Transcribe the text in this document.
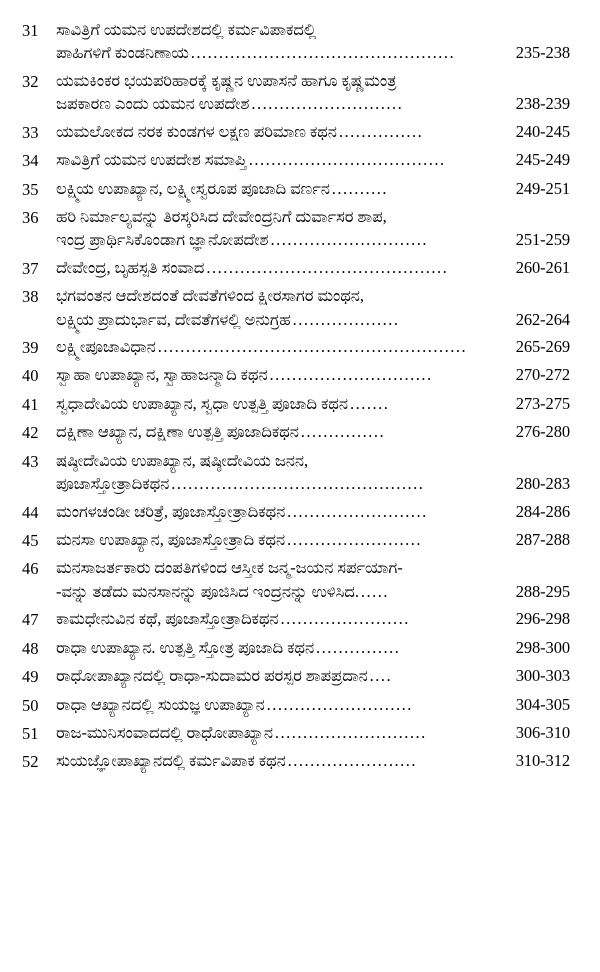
31	ಸಾವಿತ್ರಿಗೆ ಯಮನ ಉಪದೇಶದಲ್ಲಿ ಕರ್ಮವಿಪಾಕದಲ್ಲಿ
ಪಾಹಿಗಳಿಗೆ ಕುಂಡನಿಣಾಯ ...............................................	235-238
32	ಯಮಕಿಂಕರ ಭಯಪರಿಹಾರಕ್ಕೆ ಕೃಷ್ಣನ ಉಪಾಸನೆ ಹಾಗೂ ಕೃಷ್ಣಮಂತ್ರ
ಜಪಕಾರಣ ಎಂದು ಯಮನ ಉಪದೇಶ ...........................	238-239
33	ಯಮಲೋಕದ ನರಕ ಕುಂಡಗಳ ಲಕ್ಷಣ ಪರಿಮಾಣ ಕಥನ ...............	240-245
34	ಸಾವಿತ್ರಿಗೆ ಯಮನ ಉಪದೇಶ ಸಮಾಪ್ತಿ ...................................	245-249
35	ಲಕ್ಷ್ಮಿಯ ಉಪಾಖ್ಯಾನ, ಲಕ್ಷ್ಮೀಸ್ವರೂಪ ಪೂಜಾದಿ ವರ್ಣನ ..........	249-251
36	ಹರಿ ನಿರ್ಮಾಲ್ಯವನ್ನು ತಿರಸ್ಕರಿಸಿದ ದೇವೇಂದ್ರನಿಗೆ ದುರ್ವಾಸರ ಶಾಪ,
ಇಂದ್ರ ಪ್ರಾರ್ಥಿಸಿಕೊಂಡಾಗ ಜ್ಞಾನೋಪದೇಶ ............................	251-259
37	ದೇವೇಂದ್ರ, ಬೃಹಸ್ಪತಿ ಸಂವಾದ ...........................................	260-261
38	ಭಗವಂತನ ಆದೇಶದಂತೆ ದೇವತೆಗಳಿಂದ ಕ್ಷೀರಸಾಗರ ಮಂಥನ,
ಲಕ್ಷ್ಮಿಯ ಪ್ರಾದುರ್ಭಾವ, ದೇವತೆಗಳಲ್ಲಿ ಅನುಗ್ರಹ ...................	262-264
39	ಲಕ್ಷ್ಮೀಪೂಜಾವಿಧಾನ .......................................................	265-269
40	ಸ್ವಾಹಾ ಉಪಾಖ್ಯಾನ, ಸ್ವಾಹಾಜನ್ಮಾದಿ ಕಥನ .............................	270-272
41	ಸ್ವಧಾದೇವಿಯ ಉಪಾಖ್ಯಾನ, ಸ್ವಧಾ ಉತ್ಪತ್ತಿ ಪೂಜಾದಿ ಕಥನ .......	273-275
42	ದಕ್ಷಿಣಾ ಆಖ್ಯಾನ, ದಕ್ಷಿಣಾ ಉತ್ಪತ್ತಿ ಪೂಜಾದಿಕಥನ ...............	276-280
43	ಷಷ್ಠೀದೇವಿಯ ಉಪಾಖ್ಯಾನ, ಷಷ್ಠೀದೇವಿಯ ಜನನ,
ಪೂಜಾಸ್ತೋತ್ರಾದಿಕಥನ .............................................	280-283
44	ಮಂಗಳಚಂಡೀ ಚರಿತ್ರೆ, ಪೂಜಾಸ್ತೋತ್ರಾದಿಕಥನ .........................	284-286
45	ಮನಸಾ ಉಪಾಖ್ಯಾನ, ಪೂಜಾಸ್ತೋತ್ರಾದಿ ಕಥನ ........................	287-288
46	ಮನಸಾಜರ್ತಕಾರು ದಂಪತಿಗಳಿಂದ ಆಸ್ತೀಕ ಜನ್ಮ-ಜಯನ ಸರ್ಪಯಾಗ-
-ವನ್ನು ತಡೆದು ಮನಸಾನನ್ನು ಪೂಜಿಸಿದ ಇಂದ್ರನನ್ನು ಉಳಿಸಿದ. .....	288-295
47	ಕಾಮಧೇನುವಿನ ಕಥೆ, ಪೂಜಾಸ್ತೋತ್ರಾದಿಕಥನ .......................	296-298
48	ರಾಧಾ ಉಪಾಖ್ಯಾನ. ಉತ್ಪತ್ತಿ ಸ್ತೋತ್ರ ಪೂಜಾದಿ ಕಥನ ...............	298-300
49	ರಾಧೋಪಾಖ್ಯಾನದಲ್ಲಿ ರಾಧಾ-ಸುದಾಮರ ಪರಸ್ಪರ ಶಾಪಪ್ರದಾನ ....	300-303
50	ರಾಧಾ ಆಖ್ಯಾನದಲ್ಲಿ ಸುಯಜ್ಞ ಉಪಾಖ್ಯಾನ ..........................	304-305
51	ರಾಜ-ಮುನಿಸಂವಾದದಲ್ಲಿ ರಾಧೋಪಾಖ್ಯಾನ ...........................	306-310
52	ಸುಯಜ್ಞೋಪಾಖ್ಯಾನದಲ್ಲಿ ಕರ್ಮವಿಪಾಕ ಕಥನ .......................	310-312
